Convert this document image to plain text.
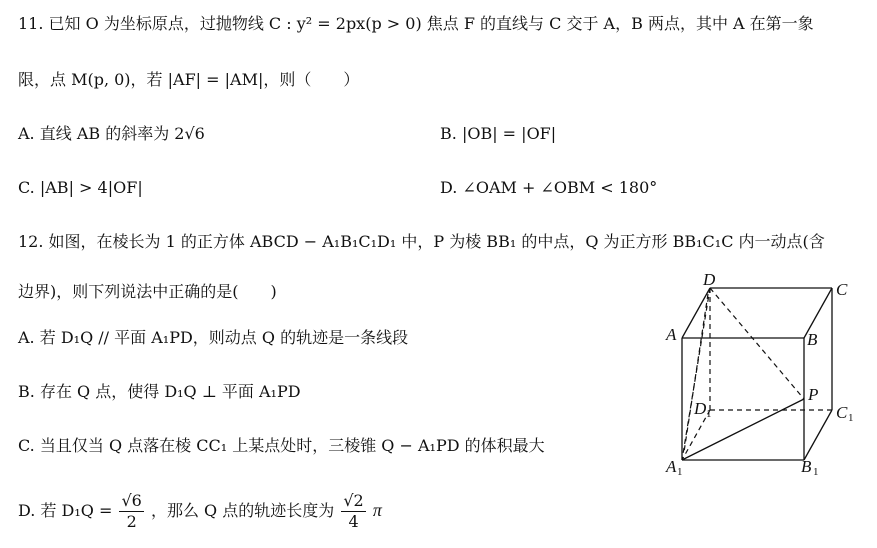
11. 已知 O 为坐标原点，过抛物线 C : y² = 2px(p > 0) 焦点 F 的直线与 C 交于 A，B 两点，其中 A 在第一象
限，点 M(p, 0)，若 |AF| = |AM|，则（　　）
A. 直线 AB 的斜率为 2√6	B. |OB| = |OF|
C. |AB| > 4|OF|	D. ∠OAM + ∠OBM < 180°
12. 如图，在棱长为 1 的正方体 ABCD − A₁B₁C₁D₁ 中，P 为棱 BB₁ 的中点，Q 为正方形 BB₁C₁C 内一动点(含
边界)，则下列说法中正确的是(　　)
A. 若 D₁Q // 平面 A₁PD，则动点 Q 的轨迹是一条线段
B. 存在 Q 点，使得 D₁Q ⊥ 平面 A₁PD
C. 当且仅当 Q 点落在棱 CC₁ 上某点处时，三棱锥 Q − A₁PD 的体积最大
D. 若 $D_1Q = \frac{√6}{2}$ ，那么 Q 点的轨迹长度为 $\frac{√2}{4}$ π
D
C
A	B
P
D 1	C 1
A 1	B 1
